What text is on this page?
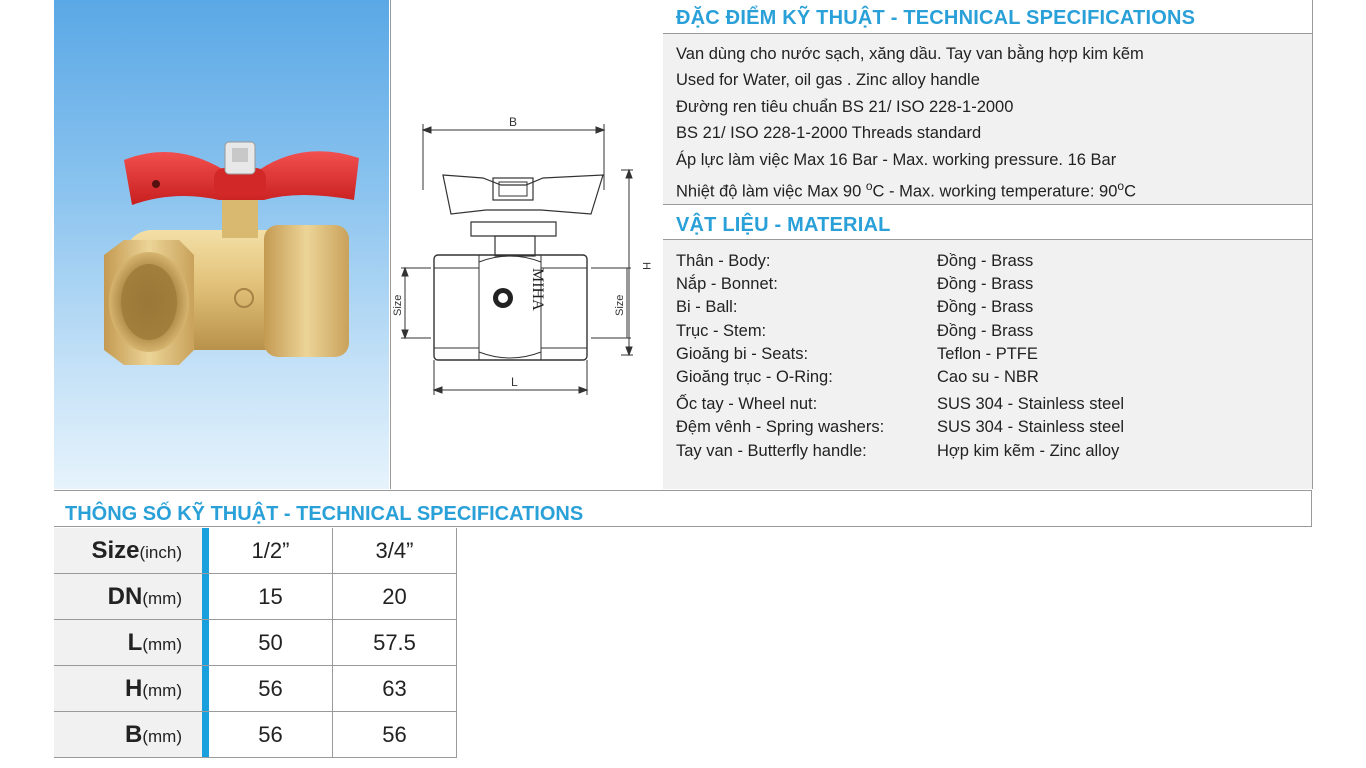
B
H
L
Size	Size
MIHA
ĐẶC ĐIỂM KỸ THUẬT - TECHNICAL SPECIFICATIONS
Van dùng cho nước sạch, xăng dầu. Tay van bằng hợp kim kẽm
Used for Water, oil gas . Zinc alloy handle
Đường ren tiêu chuẩn BS 21/ ISO 228-1-2000
BS 21/ ISO 228-1-2000 Threads standard
Áp lực làm việc Max 16 Bar - Max. working pressure. 16 Bar
Nhiệt độ làm việc Max 90 $^o$C - Max. working temperature: 90$^o$C
VẬT LIỆU - MATERIAL
Thân - Body:	Đồng - Brass
Nắp - Bonnet:	Đồng - Brass
Bi - Ball:	Đồng - Brass
Trục - Stem:	Đồng - Brass
Gioăng bi - Seats:	Teflon - PTFE
Gioăng trục - O-Ring:	Cao su - NBR
Ốc tay - Wheel nut:	SUS 304 - Stainless steel
Đệm vênh - Spring washers:	SUS 304 - Stainless steel
Tay van - Butterfly handle:	Hợp kim kẽm - Zinc alloy
THÔNG SỐ KỸ THUẬT - TECHNICAL SPECIFICATIONS
Size(inch)		1/2”	3/4”
DN(mm)		15	20
L(mm)		50	57.5
H(mm)		56	63
B(mm)		56	56
